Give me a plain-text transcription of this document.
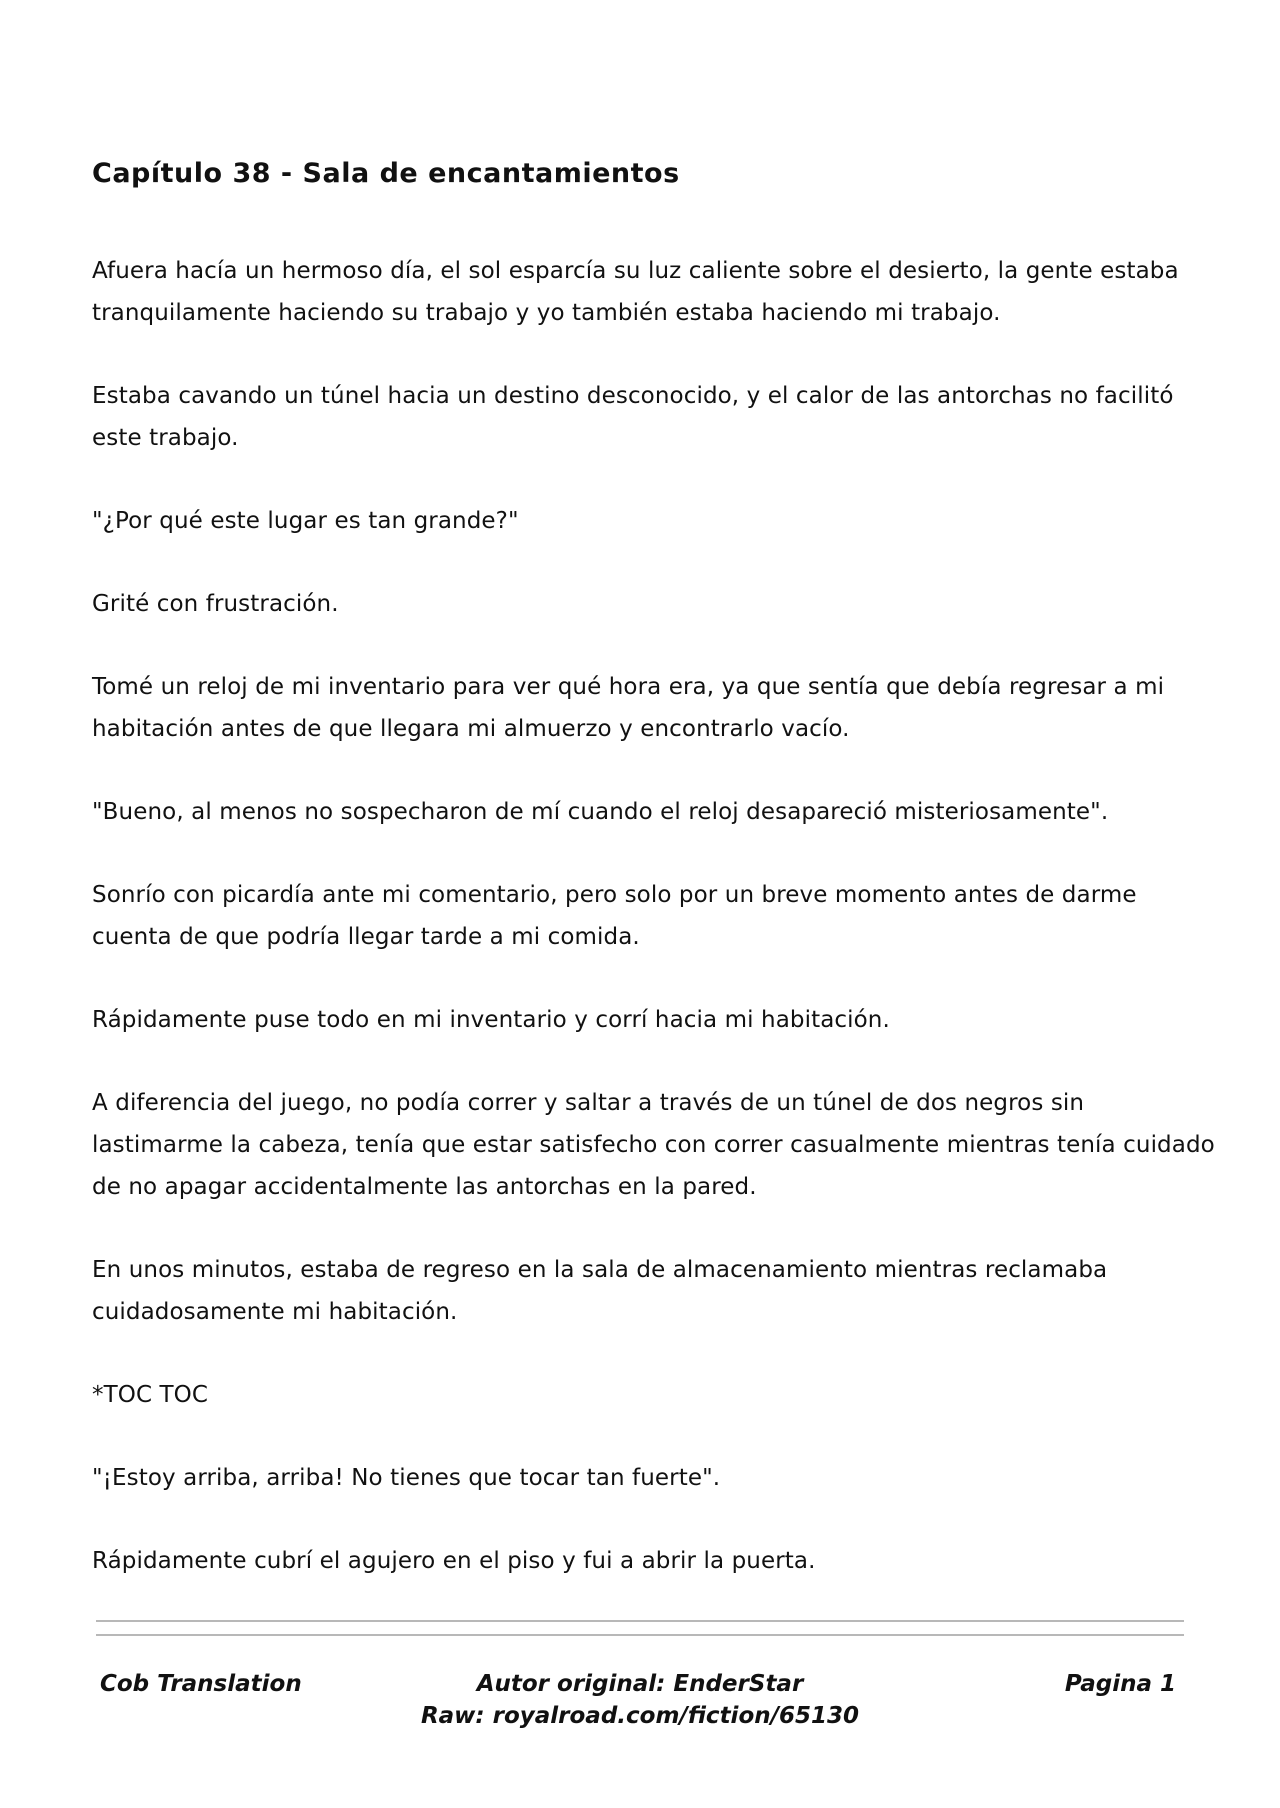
Capítulo 38 - Sala de encantamientos

Afuera hacía un hermoso día, el sol esparcía su luz caliente sobre el desierto, la gente estaba tranquilamente haciendo su trabajo y yo también estaba haciendo mi trabajo.

Estaba cavando un túnel hacia un destino desconocido, y el calor de las antorchas no facilitó este trabajo.

"¿Por qué este lugar es tan grande?"

Grité con frustración.

Tomé un reloj de mi inventario para ver qué hora era, ya que sentía que debía regresar a mi habitación antes de que llegara mi almuerzo y encontrarlo vacío.

"Bueno, al menos no sospecharon de mí cuando el reloj desapareció misteriosamente".

Sonrío con picardía ante mi comentario, pero solo por un breve momento antes de darme cuenta de que podría llegar tarde a mi comida.

Rápidamente puse todo en mi inventario y corrí hacia mi habitación.

A diferencia del juego, no podía correr y saltar a través de un túnel de dos negros sin lastimarme la cabeza, tenía que estar satisfecho con correr casualmente mientras tenía cuidado de no apagar accidentalmente las antorchas en la pared.

En unos minutos, estaba de regreso en la sala de almacenamiento mientras reclamaba cuidadosamente mi habitación.

*TOC TOC

"¡Estoy arriba, arriba! No tienes que tocar tan fuerte".

Rápidamente cubrí el agujero en el piso y fui a abrir la puerta.

Cob Translation	Autor original: EnderStar
Raw: royalroad.com/fiction/65130
Pagina 1
